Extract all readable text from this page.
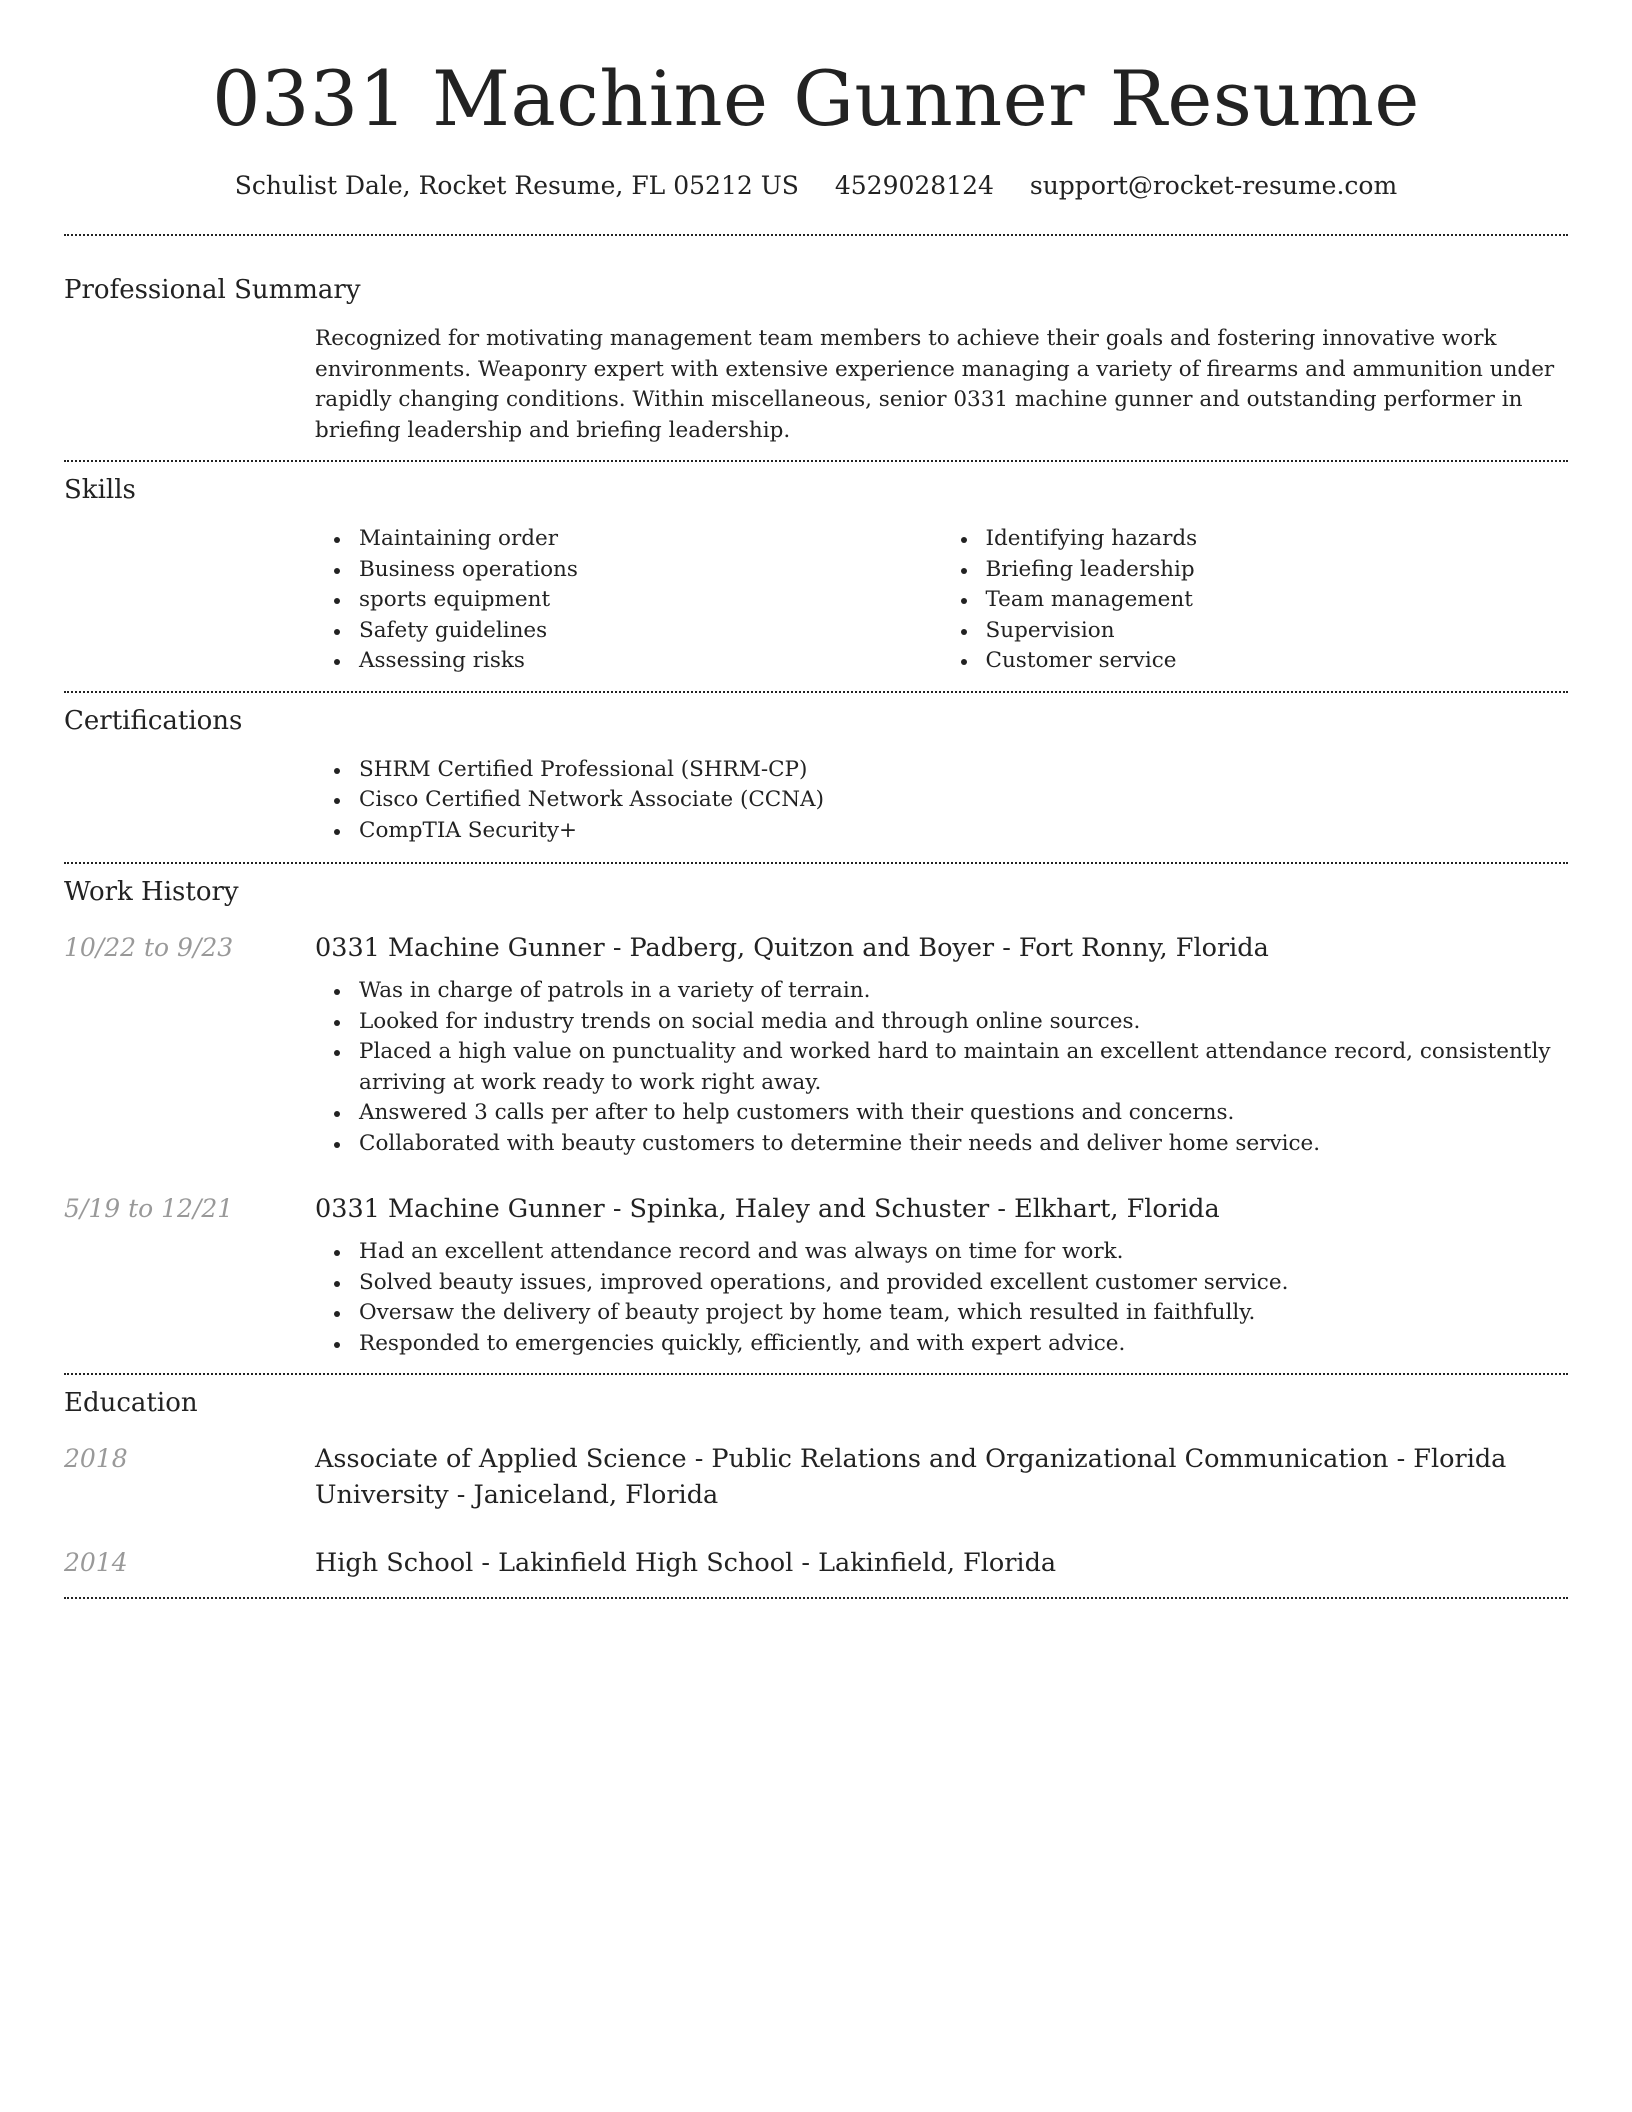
0331 Machine Gunner Resume
Schulist Dale, Rocket Resume, FL 05212 US 4529028124 support@rocket-resume.com
Professional Summary
Recognized for motivating management team members to achieve their goals and fostering innovative work environments. Weaponry expert with extensive experience managing a variety of firearms and ammunition under rapidly changing conditions. Within miscellaneous, senior 0331 machine gunner and outstanding performer in briefing leadership and briefing leadership.
Skills
Maintaining order
Business operations
sports equipment
Safety guidelines
Assessing risks
Identifying hazards
Briefing leadership
Team management
Supervision
Customer service
Certifications
SHRM Certified Professional (SHRM-CP)
Cisco Certified Network Associate (CCNA)
CompTIA Security+
Work History
10/22 to 9/23	0331 Machine Gunner - Padberg, Quitzon and Boyer - Fort Ronny, Florida
Was in charge of patrols in a variety of terrain.
Looked for industry trends on social media and through online sources.
Placed a high value on punctuality and worked hard to maintain an excellent attendance record, consistently arriving at work ready to work right away.
Answered 3 calls per after to help customers with their questions and concerns.
Collaborated with beauty customers to determine their needs and deliver home service.
5/19 to 12/21	0331 Machine Gunner - Spinka, Haley and Schuster - Elkhart, Florida
Had an excellent attendance record and was always on time for work.
Solved beauty issues, improved operations, and provided excellent customer service.
Oversaw the delivery of beauty project by home team, which resulted in faithfully.
Responded to emergencies quickly, efficiently, and with expert advice.
Education
2018	Associate of Applied Science - Public Relations and Organizational Communication - Florida University - Janiceland, Florida
2014	High School - Lakinfield High School - Lakinfield, Florida
